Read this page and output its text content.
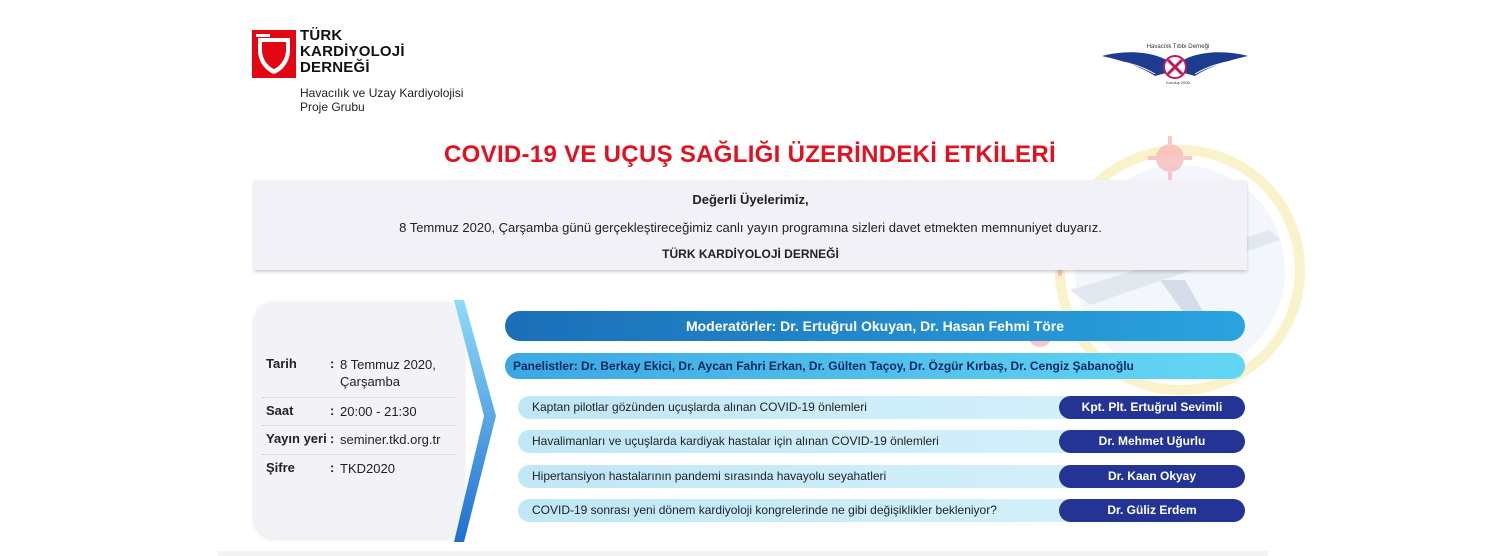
TÜRK
KARDİYOLOJİ
DERNEĞİ
Havacılık ve Uzay Kardiyolojisi
Proje Grubu
Havacılık Tıbbı Derneği
Kuruluş 2006
COVID-19 VE UÇUŞ SAĞLIĞI ÜZERİNDEKİ ETKİLERİ
Değerli Üyelerimiz,
8 Temmuz 2020, Çarşamba günü gerçekleştireceğimiz canlı yayın programına sizleri davet etmekten memnuniyet duyarız.
TÜRK KARDİYOLOJİ DERNEĞİ
Tarih	: 8 Temmuz 2020, Çarşamba
Saat	: 20:00 - 21:30
Yayın yeri : seminer.tkd.org.tr
Şifre	: TKD2020
Moderatörler: Dr. Ertuğrul Okuyan, Dr. Hasan Fehmi Töre
Panelistler: Dr. Berkay Ekici, Dr. Aycan Fahri Erkan, Dr. Gülten Taçoy, Dr. Özgür Kırbaş, Dr. Cengiz Şabanoğlu
Kaptan pilotlar gözünden uçuşlarda alınan COVID-19 önlemleri	Kpt. Plt. Ertuğrul Sevimli
Havalimanları ve uçuşlarda kardiyak hastalar için alınan COVID-19 önlemleri	Dr. Mehmet Uğurlu
Hipertansiyon hastalarının pandemi sırasında havayolu seyahatleri	Dr. Kaan Okyay
COVID-19 sonrası yeni dönem kardiyoloji kongrelerinde ne gibi değişiklikler bekleniyor?	Dr. Güliz Erdem
